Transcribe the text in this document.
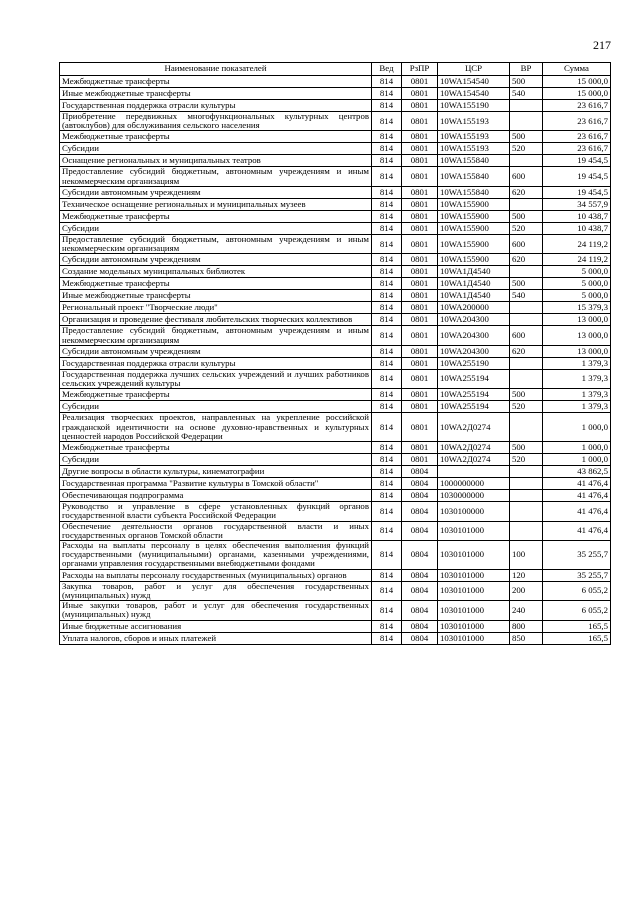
217
Наименование показателей	Вед	РзПР	ЦСР	ВР	Сумма
Межбюджетные трансферты	814	0801	10WA154540	500	15 000,0
Иные межбюджетные трансферты	814	0801	10WA154540	540	15 000,0
Государственная поддержка отрасли культуры	814	0801	10WA155190		23 616,7
Приобретение передвижных многофункциональных культурных центров (автоклубов) для обслуживания сельского населения	814	0801	10WA155193		23 616,7
Межбюджетные трансферты	814	0801	10WA155193	500	23 616,7
Субсидии	814	0801	10WA155193	520	23 616,7
Оснащение региональных и муниципальных театров	814	0801	10WA155840		19 454,5
Предоставление субсидий бюджетным, автономным учреждениям и иным некоммерческим организациям	814	0801	10WA155840	600	19 454,5
Субсидии автономным учреждениям	814	0801	10WA155840	620	19 454,5
Техническое оснащение региональных и муниципальных музеев	814	0801	10WA155900		34 557,9
Межбюджетные трансферты	814	0801	10WA155900	500	10 438,7
Субсидии	814	0801	10WA155900	520	10 438,7
Предоставление субсидий бюджетным, автономным учреждениям и иным некоммерческим организациям	814	0801	10WA155900	600	24 119,2
Субсидии автономным учреждениям	814	0801	10WA155900	620	24 119,2
Создание модельных муниципальных библиотек	814	0801	10WA1Д4540		5 000,0
Межбюджетные трансферты	814	0801	10WA1Д4540	500	5 000,0
Иные межбюджетные трансферты	814	0801	10WA1Д4540	540	5 000,0
Региональный проект "Творческие люди"	814	0801	10WA200000		15 379,3
Организация и проведение фестиваля любительских творческих коллективов	814	0801	10WA204300		13 000,0
Предоставление субсидий бюджетным, автономным учреждениям и иным некоммерческим организациям	814	0801	10WA204300	600	13 000,0
Субсидии автономным учреждениям	814	0801	10WA204300	620	13 000,0
Государственная поддержка отрасли культуры	814	0801	10WA255190		1 379,3
Государственная поддержка лучших сельских учреждений и лучших работников сельских учреждений культуры	814	0801	10WA255194		1 379,3
Межбюджетные трансферты	814	0801	10WA255194	500	1 379,3
Субсидии	814	0801	10WA255194	520	1 379,3
Реализация творческих проектов, направленных на укрепление российской гражданской идентичности на основе духовно-нравственных и культурных ценностей народов Российской Федерации	814	0801	10WA2Д0274		1 000,0
Межбюджетные трансферты	814	0801	10WA2Д0274	500	1 000,0
Субсидии	814	0801	10WA2Д0274	520	1 000,0
Другие вопросы в области культуры, кинематографии	814	0804			43 862,5
Государственная программа "Развитие культуры в Томской области"	814	0804	1000000000		41 476,4
Обеспечивающая подпрограмма	814	0804	1030000000		41 476,4
Руководство и управление в сфере установленных функций органов государственной власти субъекта Российской Федерации	814	0804	1030100000		41 476,4
Обеспечение деятельности органов государственной власти и иных государственных органов Томской области	814	0804	1030101000		41 476,4
Расходы на выплаты персоналу в целях обеспечения выполнения функций государственными (муниципальными) органами, казенными учреждениями, органами управления государственными внебюджетными фондами	814	0804	1030101000	100	35 255,7
Расходы на выплаты персоналу государственных (муниципальных) органов	814	0804	1030101000	120	35 255,7
Закупка товаров, работ и услуг для обеспечения государственных (муниципальных) нужд	814	0804	1030101000	200	6 055,2
Иные закупки товаров, работ и услуг для обеспечения государственных (муниципальных) нужд	814	0804	1030101000	240	6 055,2
Иные бюджетные ассигнования	814	0804	1030101000	800	165,5
Уплата налогов, сборов и иных платежей	814	0804	1030101000	850	165,5
